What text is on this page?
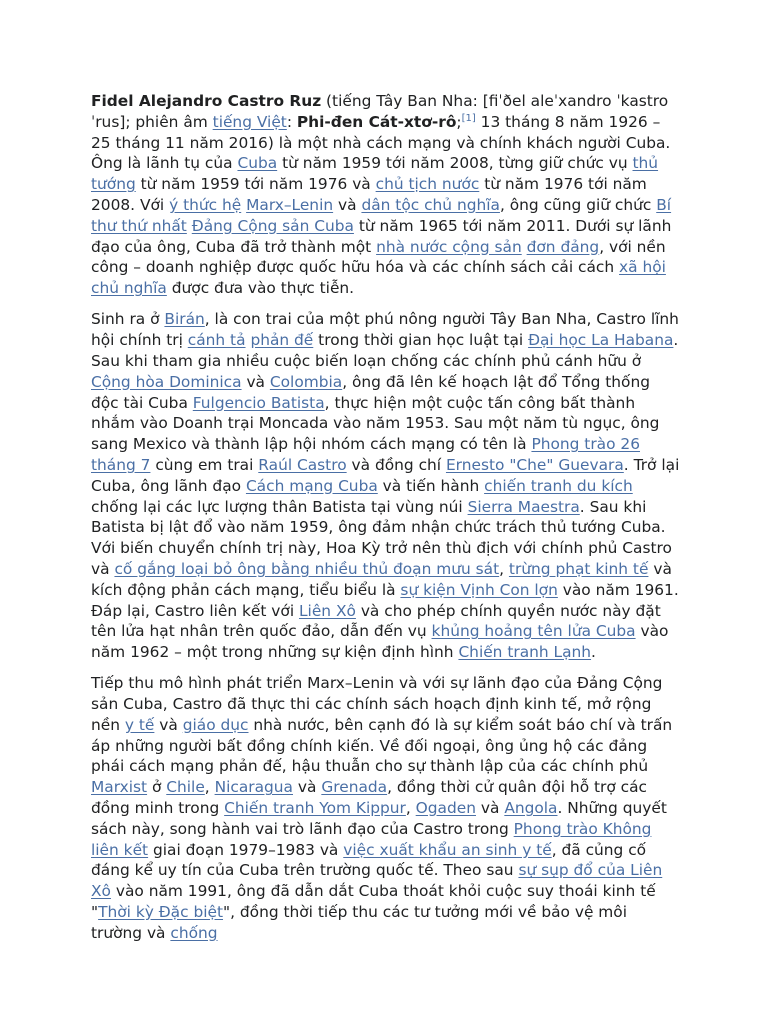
Fidel Alejandro Castro Ruz (tiếng Tây Ban Nha: [fiˈðel aleˈxandro ˈkastro ˈrus]; phiên âm tiếng Việt: Phi-đen Cát-xtơ-rô;[1] 13 tháng 8 năm 1926 – 25 tháng 11 năm 2016) là một nhà cách mạng và chính khách người Cuba. Ông là lãnh tụ của Cuba từ năm 1959 tới năm 2008, từng giữ chức vụ thủ tướng từ năm 1959 tới năm 1976 và chủ tịch nước từ năm 1976 tới năm 2008. Với ý thức hệ Marx–Lenin và dân tộc chủ nghĩa, ông cũng giữ chức Bí thư thứ nhất Đảng Cộng sản Cuba từ năm 1965 tới năm 2011. Dưới sự lãnh đạo của ông, Cuba đã trở thành một nhà nước cộng sản đơn đảng, với nền công – doanh nghiệp được quốc hữu hóa và các chính sách cải cách xã hội chủ nghĩa được đưa vào thực tiễn.

Sinh ra ở Birán, là con trai của một phú nông người Tây Ban Nha, Castro lĩnh hội chính trị cánh tả phản đế trong thời gian học luật tại Đại học La Habana. Sau khi tham gia nhiều cuộc biến loạn chống các chính phủ cánh hữu ở Cộng hòa Dominica và Colombia, ông đã lên kế hoạch lật đổ Tổng thống độc tài Cuba Fulgencio Batista, thực hiện một cuộc tấn công bất thành nhắm vào Doanh trại Moncada vào năm 1953. Sau một năm tù ngục, ông sang Mexico và thành lập hội nhóm cách mạng có tên là Phong trào 26 tháng 7 cùng em trai Raúl Castro và đồng chí Ernesto "Che" Guevara. Trở lại Cuba, ông lãnh đạo Cách mạng Cuba và tiến hành chiến tranh du kích chống lại các lực lượng thân Batista tại vùng núi Sierra Maestra. Sau khi Batista bị lật đổ vào năm 1959, ông đảm nhận chức trách thủ tướng Cuba. Với biến chuyển chính trị này, Hoa Kỳ trở nên thù địch với chính phủ Castro và cố gắng loại bỏ ông bằng nhiều thủ đoạn mưu sát, trừng phạt kinh tế và kích động phản cách mạng, tiểu biểu là sự kiện Vịnh Con lợn vào năm 1961. Đáp lại, Castro liên kết với Liên Xô và cho phép chính quyền nước này đặt tên lửa hạt nhân trên quốc đảo, dẫn đến vụ khủng hoảng tên lửa Cuba vào năm 1962 – một trong những sự kiện định hình Chiến tranh Lạnh.

Tiếp thu mô hình phát triển Marx–Lenin và với sự lãnh đạo của Đảng Cộng sản Cuba, Castro đã thực thi các chính sách hoạch định kinh tế, mở rộng nền y tế và giáo dục nhà nước, bên cạnh đó là sự kiểm soát báo chí và trấn áp những người bất đồng chính kiến. Về đối ngoại, ông ủng hộ các đảng phái cách mạng phản đế, hậu thuẫn cho sự thành lập của các chính phủ Marxist ở Chile, Nicaragua và Grenada, đồng thời cử quân đội hỗ trợ các đồng minh trong Chiến tranh Yom Kippur, Ogaden và Angola. Những quyết sách này, song hành vai trò lãnh đạo của Castro trong Phong trào Không liên kết giai đoạn 1979–1983 và việc xuất khẩu an sinh y tế, đã củng cố đáng kể uy tín của Cuba trên trường quốc tế. Theo sau sự sụp đổ của Liên Xô vào năm 1991, ông đã dẫn dắt Cuba thoát khỏi cuộc suy thoái kinh tế "Thời kỳ Đặc biệt", đồng thời tiếp thu các tư tưởng mới về bảo vệ môi trường và chống
